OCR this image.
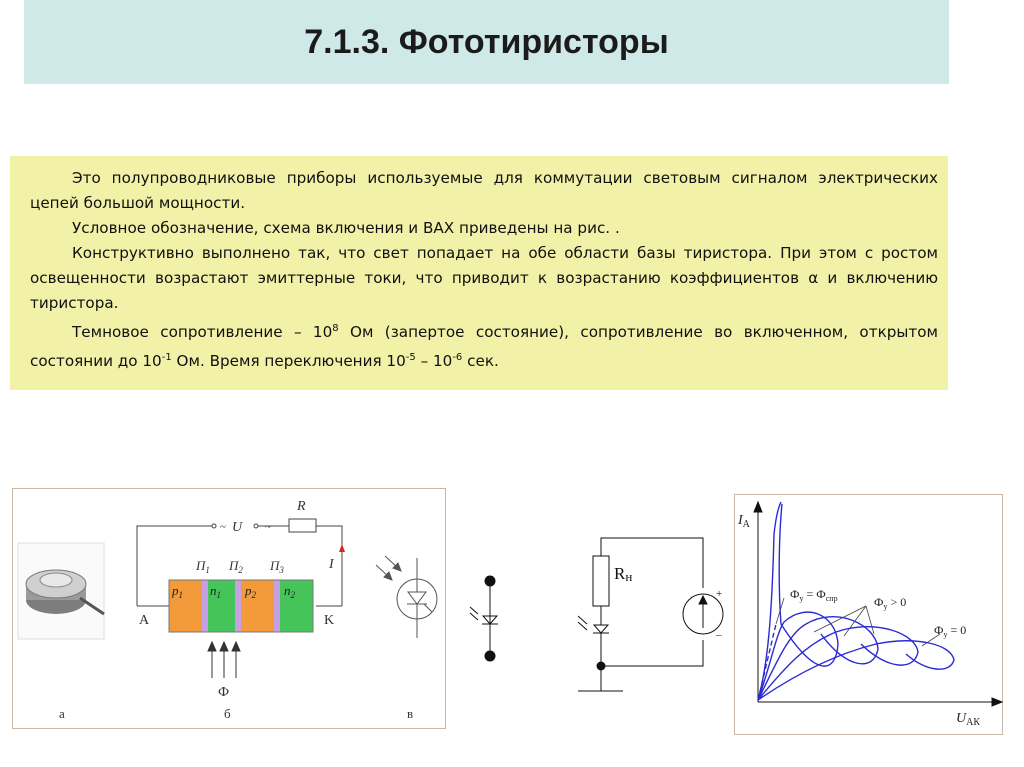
7.1.3. Фототиристоры

Это полупроводниковые приборы используемые для коммутации световым сигналом электрических цепей большой мощности.

Условное обозначение, схема включения и ВАХ приведены на рис. .

Конструктивно выполнено так, что свет попадает на обе области базы тиристора. При этом с ростом освещенности возрастают эмиттерные токи, что приводит к возрастанию коэффициентов α и включению тиристора.

Темновое сопротивление – $10^8$ Ом (запертое состояние), сопротивление во включенном, открытом состоянии до $10^{-1}$ Ом. Время переключения $10^{-5} - 10^{-6}$ сек.

R
U
~	~
I
$p_1$ $n_1$ $p_2$ $n_2$
$П_1$ $П_2$ $П_3$
A	K
Ф
а	б	в
Rн
+
–
$I_А$
$U_{АК}$
$Ф_у = Ф_{спр}$	$Ф_у > 0$
$Ф_у = 0$
